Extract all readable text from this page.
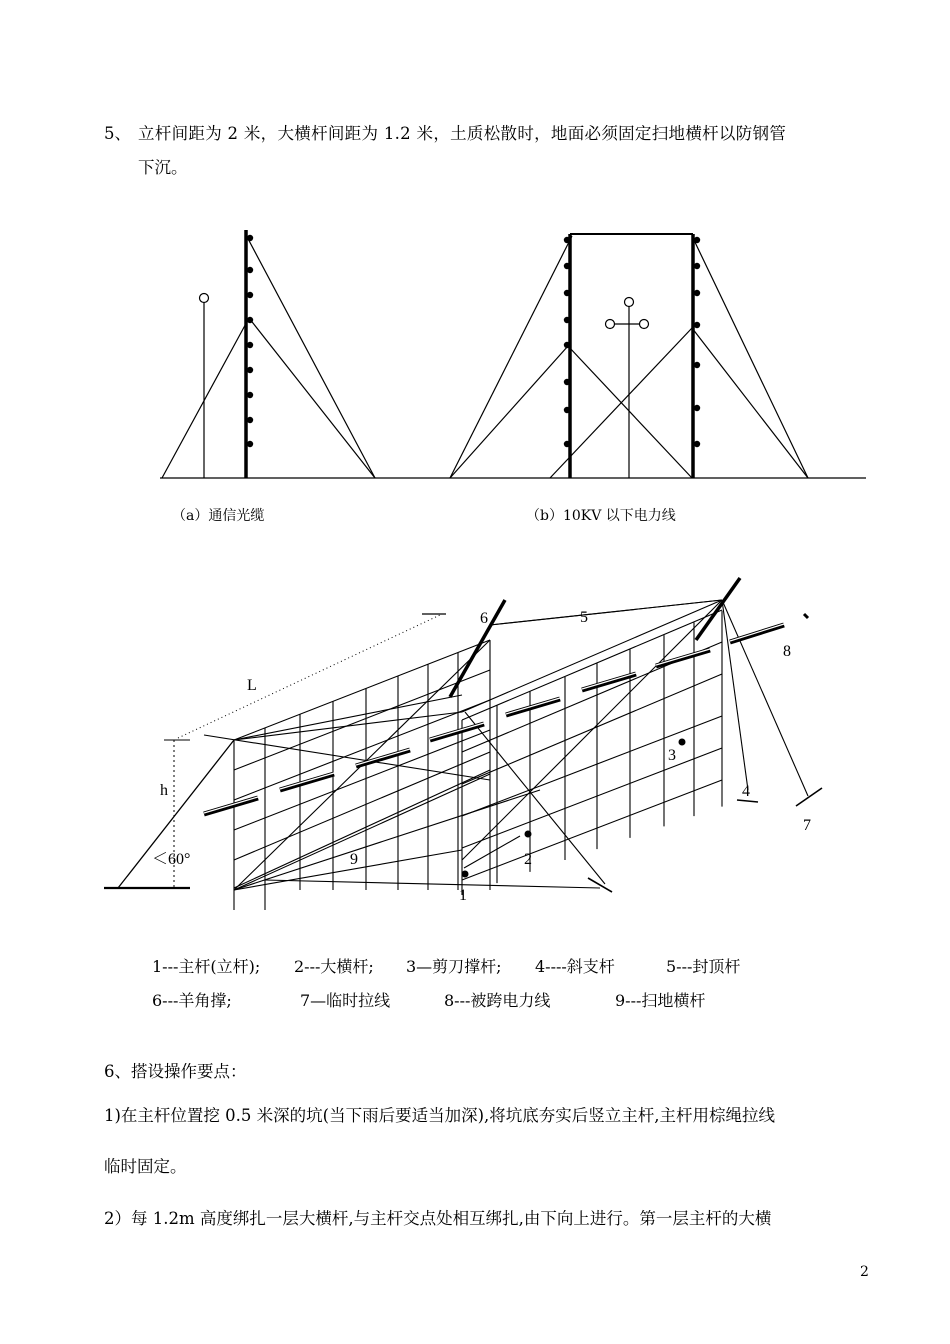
5、 立杆间距为 2 米，大横杆间距为 1.2 米，土质松散时，地面必须固定扫地横杆以防钢管
下沉。
（a）通信光缆	（b）10KV 以下电力线
1
2
3
4
5
6
7
8
9
L
h
＜60°
1---主杆(立杆); 2---大横杆; 3—剪刀撑杆; 4----斜支杆	5---封顶杆
6---羊角撑;	7—临时拉线	8---被跨电力线	9---扫地横杆
6、搭设操作要点：
1)在主杆位置挖 0.5 米深的坑(当下雨后要适当加深),将坑底夯实后竖立主杆,主杆用棕绳拉线
临时固定。
2）每 1.2m 高度绑扎一层大横杆,与主杆交点处相互绑扎,由下向上进行。第一层主杆的大横
2
